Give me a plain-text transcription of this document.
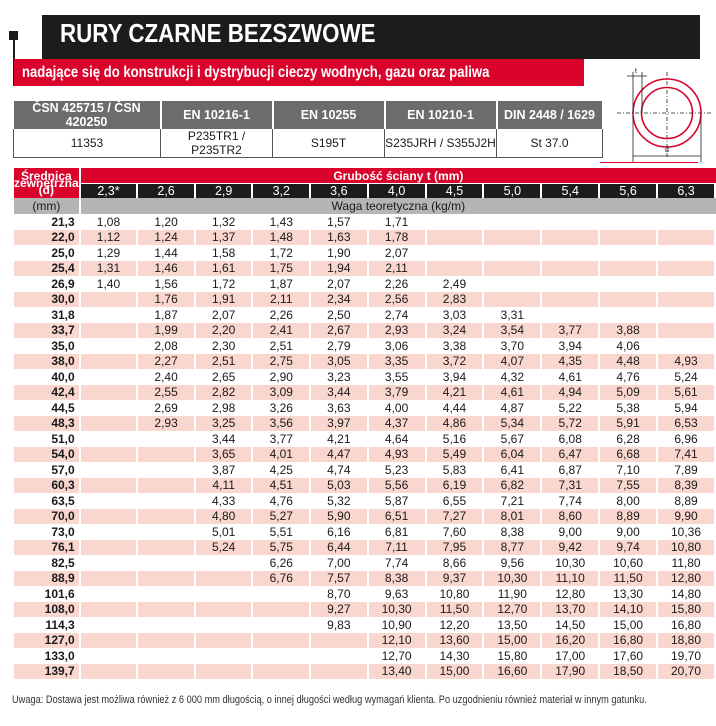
RURY CZARNE BEZSZWOWE
nadające się do konstrukcji i dystrybucji cieczy wodnych, gazu oraz paliwa
ČSN 425715 / ČSN 420250	EN 10216-1	EN 10255	EN 10210-1	DIN 2448 / 1629
11353	P235TR1 / P235TR2	S195T	S235JRH / S355J2H	St 37.0
t
d
Średnica zewnętrzna (d)	Grubość ściany t (mm)										
	2,3*	2,6	2,9	3,2	3,6	4,0	4,5	5,0	5,4	5,6	6,3
(mm)	Waga teoretyczna (kg/m)										
21,3	1,08	1,20	1,32	1,43	1,57	1,71					
22,0	1,12	1,24	1,37	1,48	1,63	1,78					
25,0	1,29	1,44	1,58	1,72	1,90	2,07					
25,4	1,31	1,46	1,61	1,75	1,94	2,11					
26,9	1,40	1,56	1,72	1,87	2,07	2,26	2,49				
30,0		1,76	1,91	2,11	2,34	2,56	2,83				
31,8		1,87	2,07	2,26	2,50	2,74	3,03	3,31			
33,7		1,99	2,20	2,41	2,67	2,93	3,24	3,54	3,77	3,88	
35,0		2,08	2,30	2,51	2,79	3,06	3,38	3,70	3,94	4,06	
38,0		2,27	2,51	2,75	3,05	3,35	3,72	4,07	4,35	4,48	4,93
40,0		2,40	2,65	2,90	3,23	3,55	3,94	4,32	4,61	4,76	5,24
42,4		2,55	2,82	3,09	3,44	3,79	4,21	4,61	4,94	5,09	5,61
44,5		2,69	2,98	3,26	3,63	4,00	4,44	4,87	5,22	5,38	5,94
48,3		2,93	3,25	3,56	3,97	4,37	4,86	5,34	5,72	5,91	6,53
51,0			3,44	3,77	4,21	4,64	5,16	5,67	6,08	6,28	6,96
54,0			3,65	4,01	4,47	4,93	5,49	6,04	6,47	6,68	7,41
57,0			3,87	4,25	4,74	5,23	5,83	6,41	6,87	7,10	7,89
60,3			4,11	4,51	5,03	5,56	6,19	6,82	7,31	7,55	8,39
63,5			4,33	4,76	5,32	5,87	6,55	7,21	7,74	8,00	8,89
70,0			4,80	5,27	5,90	6,51	7,27	8,01	8,60	8,89	9,90
73,0			5,01	5,51	6,16	6,81	7,60	8,38	9,00	9,00	10,36
76,1			5,24	5,75	6,44	7,11	7,95	8,77	9,42	9,74	10,80
82,5				6,26	7,00	7,74	8,66	9,56	10,30	10,60	11,80
88,9				6,76	7,57	8,38	9,37	10,30	11,10	11,50	12,80
101,6					8,70	9,63	10,80	11,90	12,80	13,30	14,80
108,0					9,27	10,30	11,50	12,70	13,70	14,10	15,80
114,3					9,83	10,90	12,20	13,50	14,50	15,00	16,80
127,0						12,10	13,60	15,00	16,20	16,80	18,80
133,0						12,70	14,30	15,80	17,00	17,60	19,70
139,7						13,40	15,00	16,60	17,90	18,50	20,70
Uwaga: Dostawa jest możliwa również z 6 000 mm długością, o innej długości według wymagań klienta. Po uzgodnieniu również materiał w innym gatunku.
